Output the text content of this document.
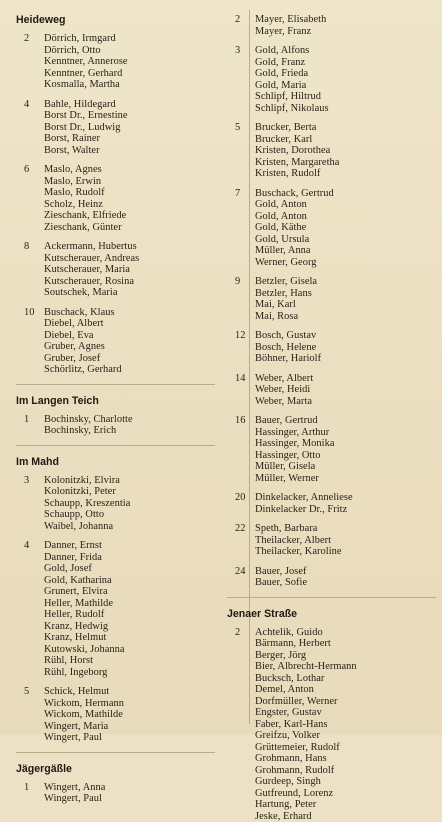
Heideweg
2	Dörrich, Irmgard
Dörrich, Otto
Kenntner, Annerose
Kenntner, Gerhard
Kosmalla, Martha
4	Bahle, Hildegard
Borst Dr., Ernestine
Borst Dr., Ludwig
Borst, Rainer
Borst, Walter
6	Maslo, Agnes
Maslo, Erwin
Maslo, Rudolf
Scholz, Heinz
Zieschank, Elfriede
Zieschank, Günter
8	Ackermann, Hubertus
Kutscherauer, Andreas
Kutscherauer, Maria
Kutscherauer, Rosina
Soutschek, Maria
10 Buschack, Klaus
Diebel, Albert
Diebel, Eva
Gruber, Agnes
Gruber, Josef
Schörlitz, Gerhard
Im Langen Teich
1	Bochinsky, Charlotte
Bochinsky, Erich
Im Mahd
3	Kolonitzki, Elvira
Kolonitzki, Peter
Schaupp, Kreszentia
Schaupp, Otto
Waibel, Johanna
4	Danner, Ernst
Danner, Frida
Gold, Josef
Gold, Katharina
Grunert, Elvira
Heller, Mathilde
Heller, Rudolf
Kranz, Hedwig
Kranz, Helmut
Kutowski, Johanna
Rühl, Horst
Rühl, Ingeborg
5	Schick, Helmut
Wickom, Hermann
Wickom, Mathilde
Wingert, Maria
Wingert, Paul
Jägergäßle
1	Wingert, Anna
Wingert, Paul
2	Mayer, Elisabeth
Mayer, Franz
3	Gold, Alfons
Gold, Franz
Gold, Frieda
Gold, Maria
Schlipf, Hiltrud
Schlipf, Nikolaus
5	Brucker, Berta
Brucker, Karl
Kristen, Dorothea
Kristen, Margaretha
Kristen, Rudolf
7	Buschack, Gertrud
Gold, Anton
Gold, Anton
Gold, Käthe
Gold, Ursula
Müller, Anna
Werner, Georg
9	Betzler, Gisela
Betzler, Hans
Mai, Karl
Mai, Rosa
12 Bosch, Gustav
Bosch, Helene
Böhner, Hariolf
14 Weber, Albert
Weber, Heidi
Weber, Marta
16 Bauer, Gertrud
Hassinger, Arthur
Hassinger, Monika
Hassinger, Otto
Müller, Gisela
Müller, Werner
20 Dinkelacker, Anneliese
Dinkelacker Dr., Fritz
22 Speth, Barbara
Theilacker, Albert
Theilacker, Karoline
24 Bauer, Josef
Bauer, Sofie
Jenaer Straße
2	Achtelik, Guido
Bärmann, Herbert
Berger, Jörg
Bier, Albrecht-Hermann
Bucksch, Lothar
Demel, Anton
Dorfmüller, Werner
Engster, Gustav
Faber, Karl-Hans
Greifzu, Volker
Grüttemeier, Rudolf
Grohmann, Hans
Grohmann, Rudolf
Gurdeep, Singh
Gutfreund, Lorenz
Hartung, Peter
Jeske, Erhard
